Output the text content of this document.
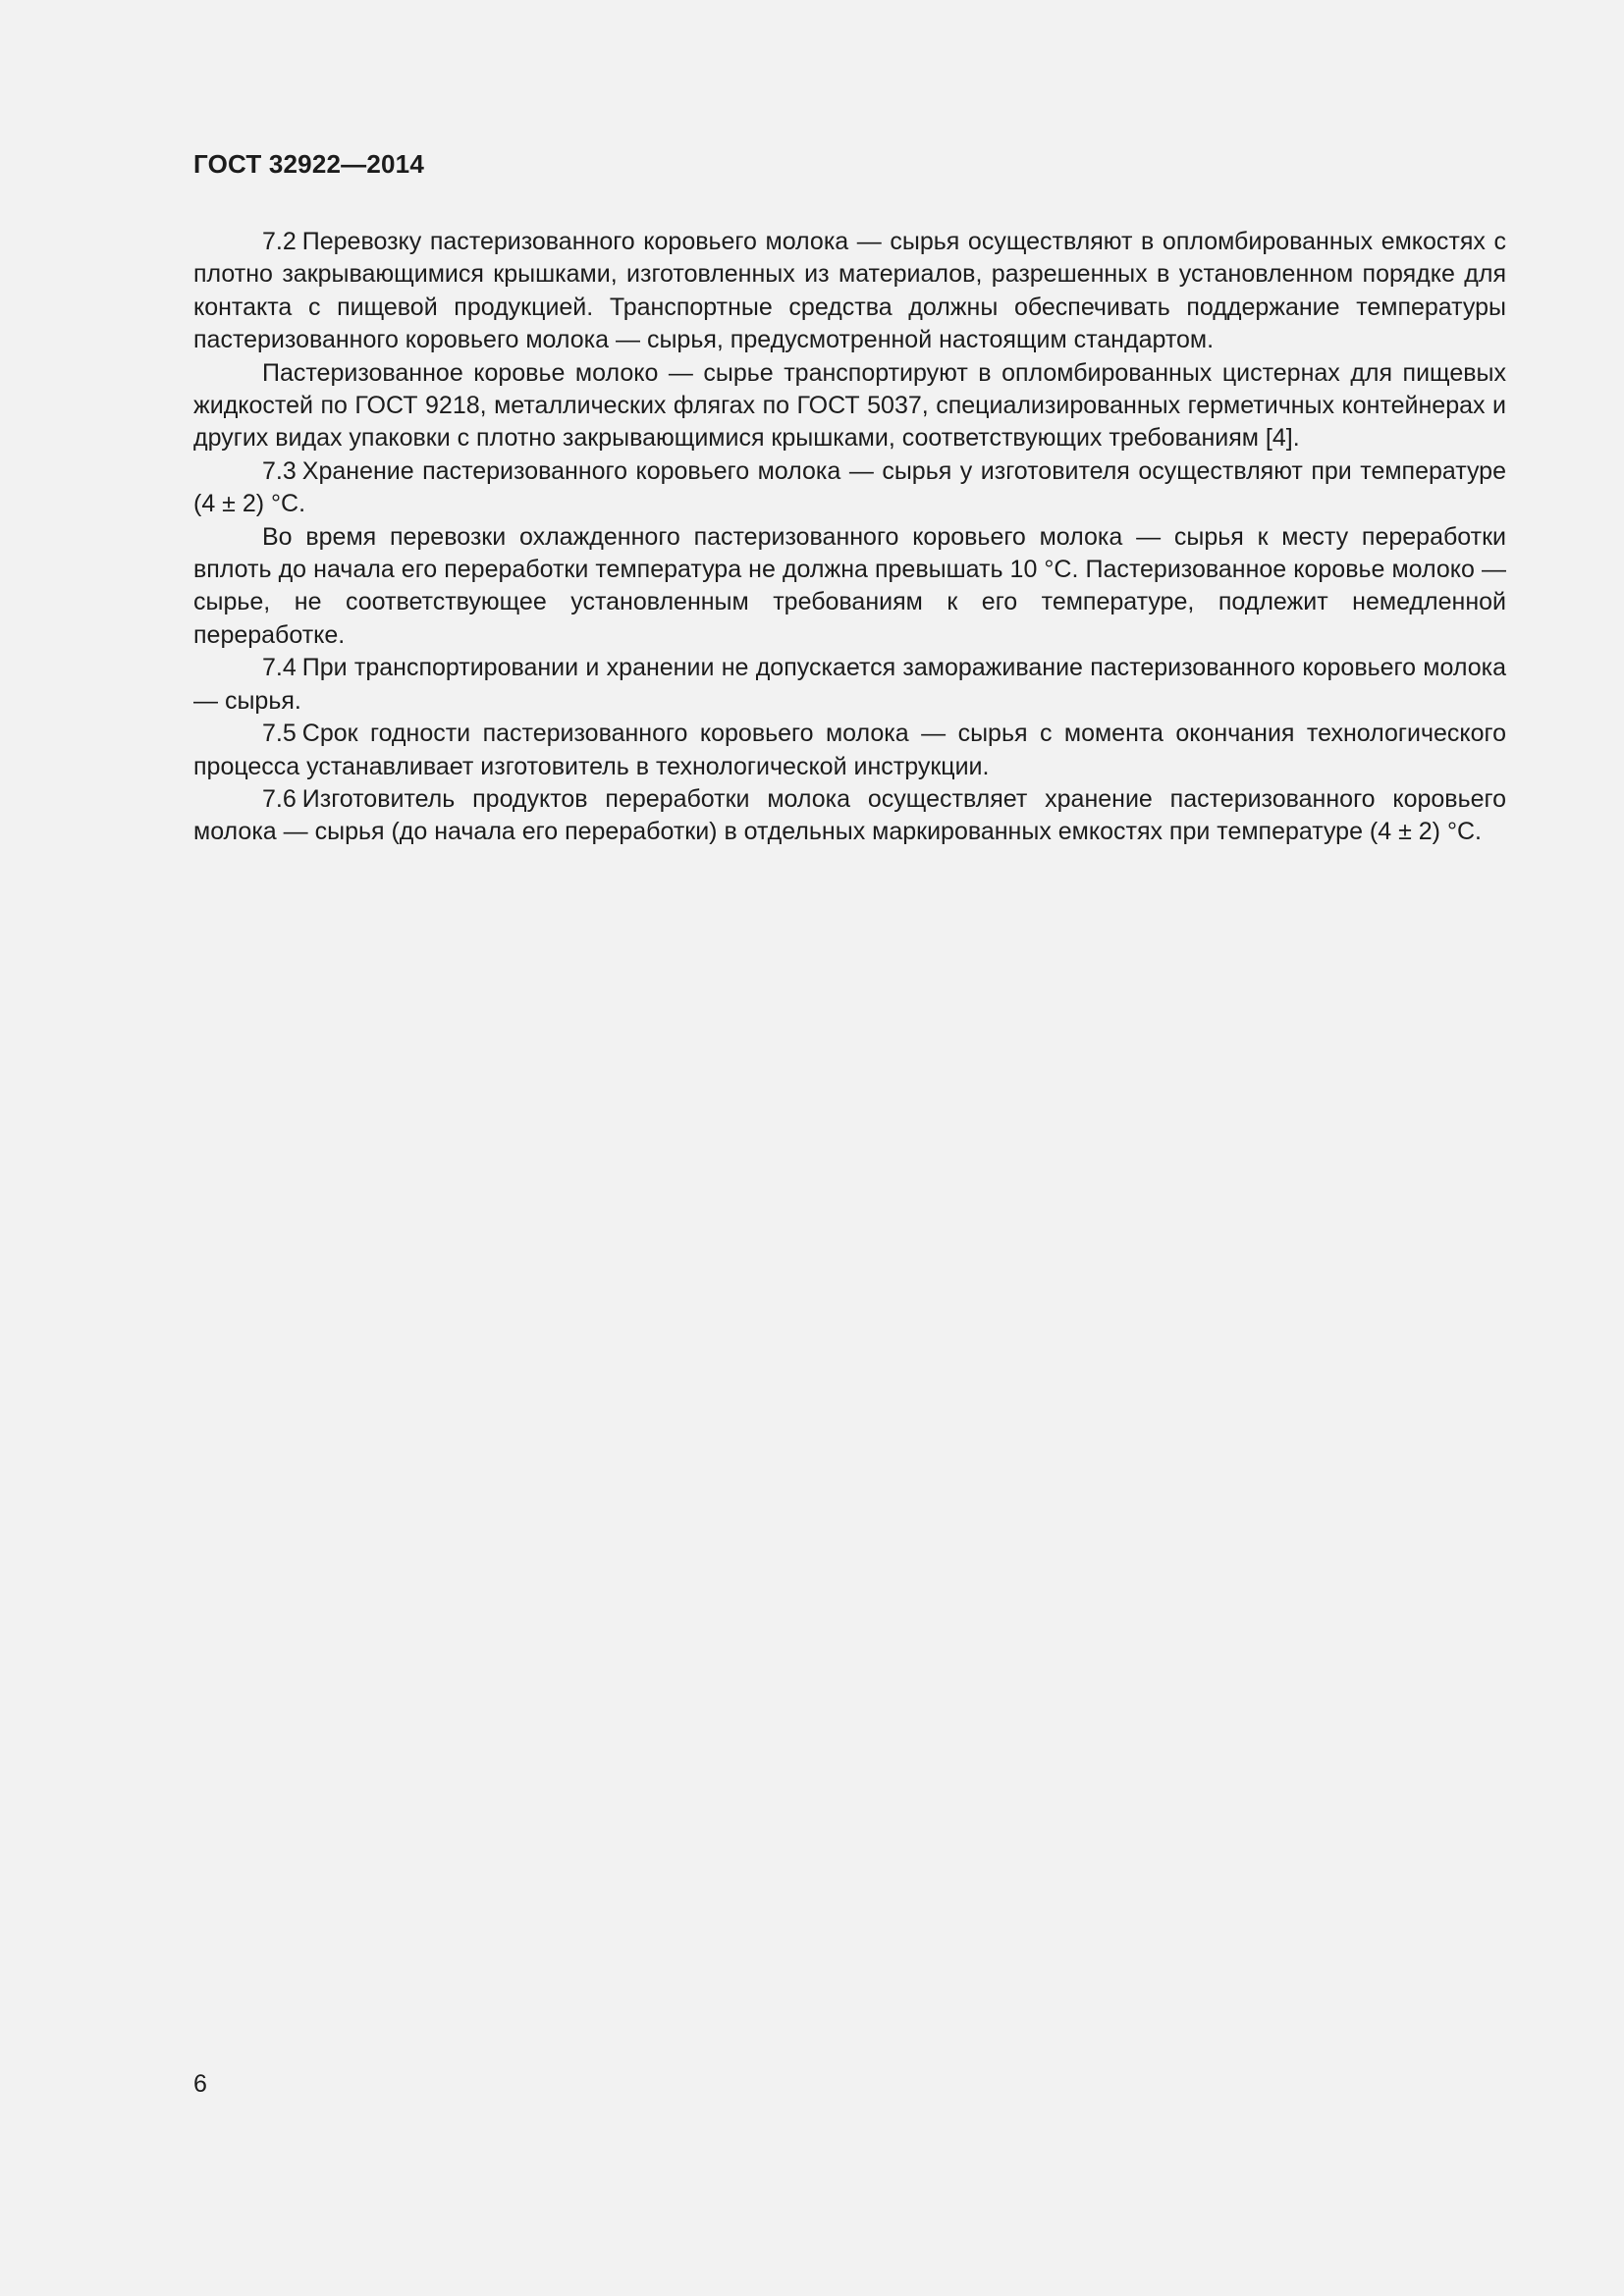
ГОСТ 32922—2014

7.2 Перевозку пастеризованного коровьего молока — сырья осуществляют в опломбированных емкостях с плотно закрывающимися крышками, изготовленных из материалов, разрешенных в установленном порядке для контакта с пищевой продукцией. Транспортные средства должны обеспечивать поддержание температуры пастеризованного коровьего молока — сырья, предусмотренной настоящим стандартом.

Пастеризованное коровье молоко — сырье транспортируют в опломбированных цистернах для пищевых жидкостей по ГОСТ 9218, металлических флягах по ГОСТ 5037, специализированных герметичных контейнерах и других видах упаковки с плотно закрывающимися крышками, соответствующих требованиям [4].

7.3 Хранение пастеризованного коровьего молока — сырья у изготовителя осуществляют при температуре (4 ± 2) °С.

Во время перевозки охлажденного пастеризованного коровьего молока — сырья к месту переработки вплоть до начала его переработки температура не должна превышать 10 °С. Пастеризованное коровье молоко — сырье, не соответствующее установленным требованиям к его температуре, подлежит немедленной переработке.

7.4 При транспортировании и хранении не допускается замораживание пастеризованного коровьего молока — сырья.

7.5 Срок годности пастеризованного коровьего молока — сырья с момента окончания технологического процесса устанавливает изготовитель в технологической инструкции.

7.6 Изготовитель продуктов переработки молока осуществляет хранение пастеризованного коровьего молока — сырья (до начала его переработки) в отдельных маркированных емкостях при температуре (4 ± 2) °С.

6
